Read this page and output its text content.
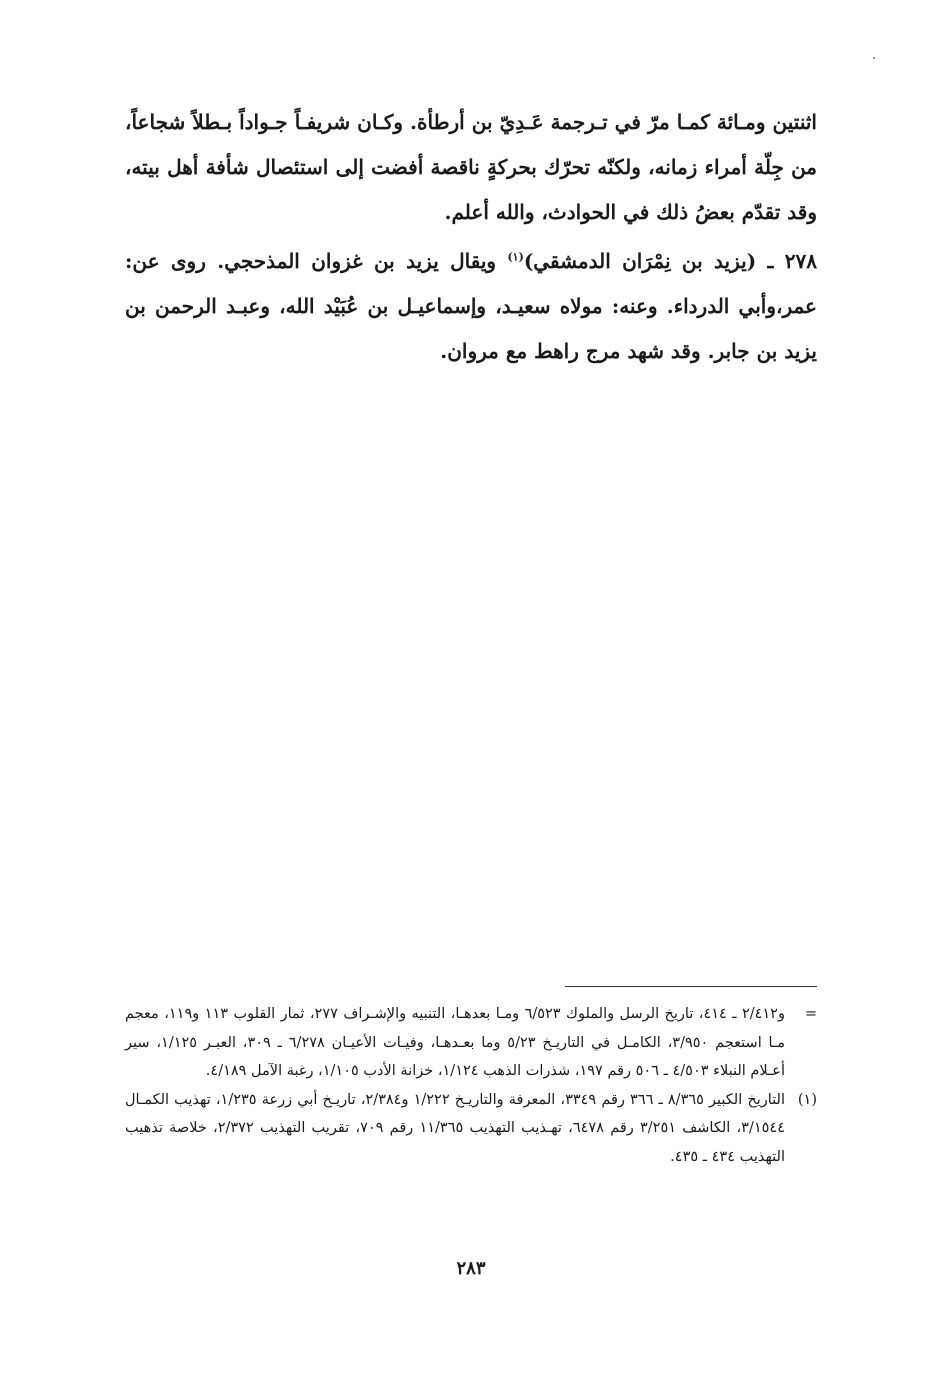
اثنتين ومـائة كمـا مرّ في تـرجمة عَـدِيّ بن أرطأة. وكـان شريفـاً جـواداً بـطلاً شجاعاً، من جِلّة أمراء زمانه، ولكنّه تحرّك بحركةٍ ناقصة أفضت إلى استئصال شأفة أهل بيته، وقد تقدّم بعضُ ذلك في الحوادث، والله أعلم.

٢٧٨ ـ (يزيد بن نِمْرَان الدمشقي)$^{(١)}$ ويقال يزيد بن غزوان المذحجي. روى عن: عمر،وأبي الدرداء. وعنه: مولاه سعيـد، وإسماعيـل بن عُبَيْد الله، وعبـد الرحمن بن يزيد بن جابر. وقد شهد مرج راهط مع مروان.

=
و٢/٤١٢ ـ ٤١٤، تاريخ الرسل والملوك ٦/٥٢٣ ومـا بعدهـا، التنبيه والإشـراف ٢٧٧، ثمار القلوب ١١٣ و١١٩، معجم مـا استعجم ٣/٩٥٠، الكامـل في التاريـخ ٥/٢٣ وما بعـدهـا، وفيـات الأعيـان ٦/٢٧٨ ـ ٣٠٩، العبـر ١/١٢٥، سير أعـلام النبلاء ٤/٥٠٣ ـ ٥٠٦ رقم ١٩٧، شذرات الذهب ١/١٢٤، خزانة الأدب ١/١٠٥، رغبة الآمل ٤/١٨٩.

(١)
التاريخ الكبير ٨/٣٦٥ ـ ٣٦٦ رقم ٣٣٤٩، المعرفة والتاريـخ ١/٢٢٢ و٢/٣٨٤، تاريـخ أبي زرعة ١/٢٣٥، تهذيب الكمـال ٣/١٥٤٤، الكاشف ٣/٢٥١ رقم ٦٤٧٨، تهـذيب التهذيب ١١/٣٦٥ رقم ٧٠٩، تقريب التهذيب ٢/٣٧٢، خلاصة تذهيب التهذيب ٤٣٤ ـ ٤٣٥.

٢٨٣
